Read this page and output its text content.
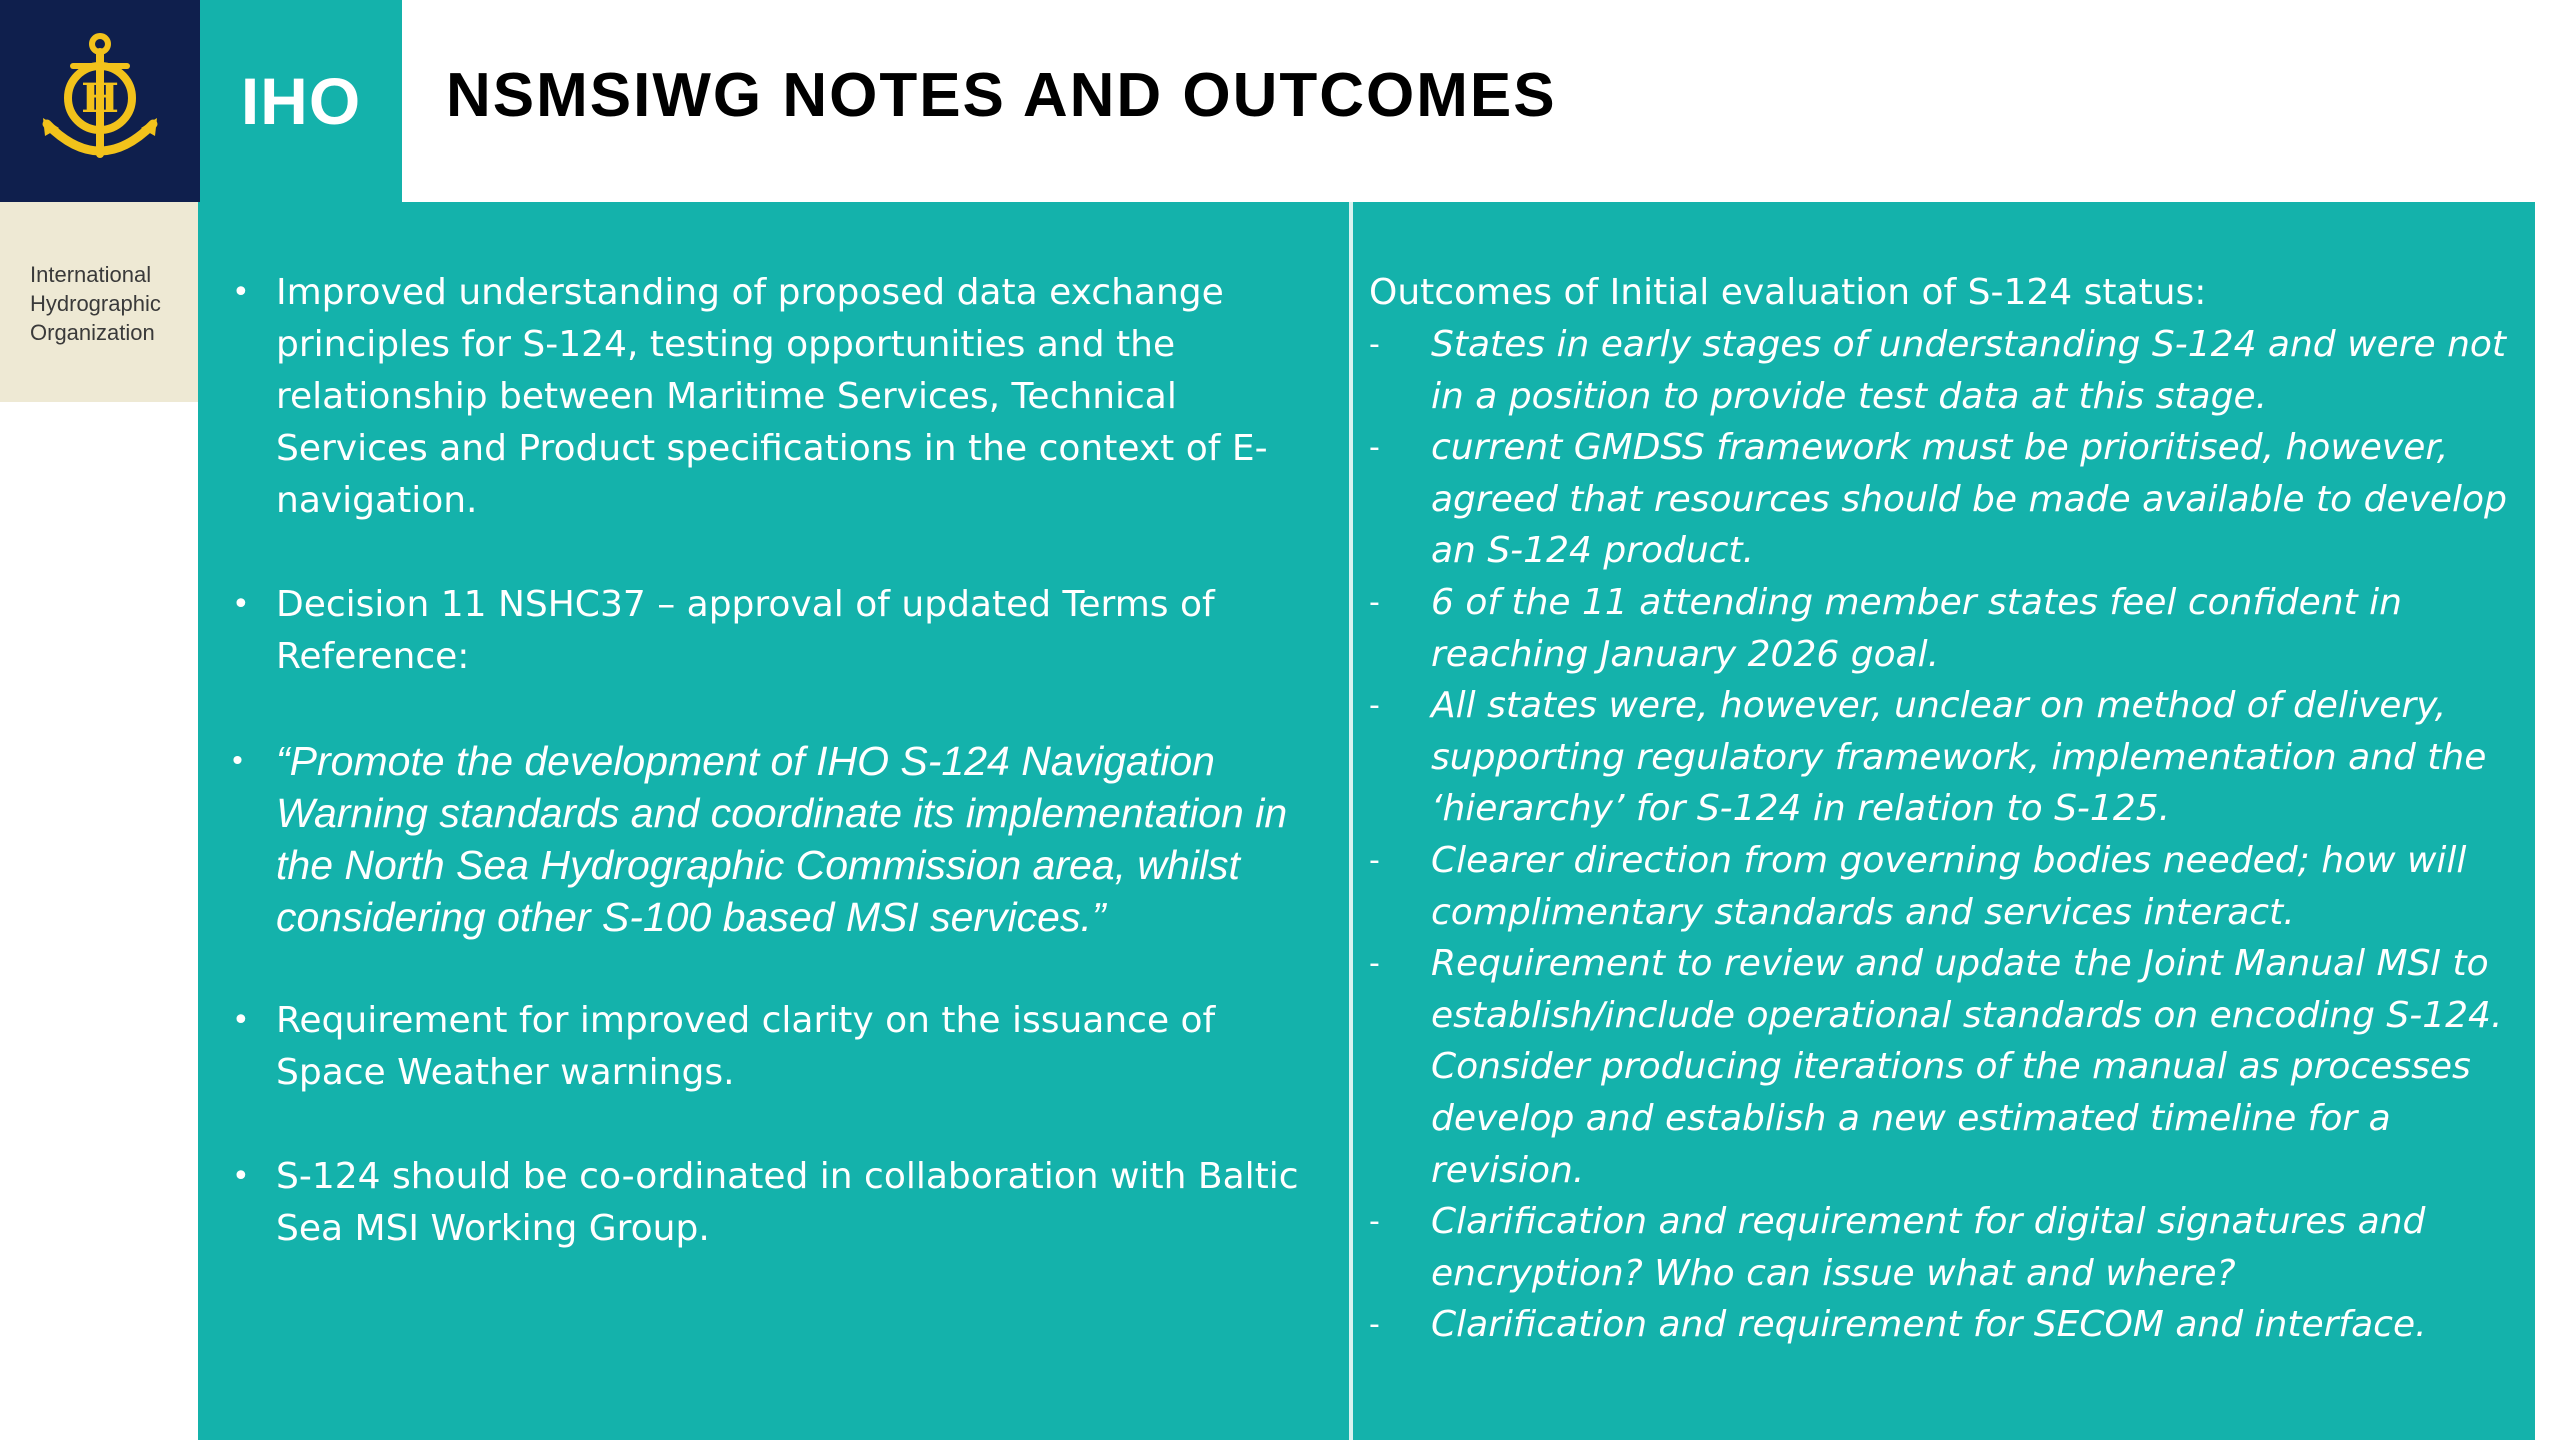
H IHO
International
Hydrographic
Organization
NSMSIWG NOTES AND OUTCOMES
• Improved understanding of proposed data exchange principles for S-124, testing opportunities and the relationship between Maritime Services, Technical Services and Product specifications in the context of E-navigation.
• Decision 11 NSHC37 – approval of updated Terms of Reference:
• “Promote the development of IHO S-124 Navigation Warning standards and coordinate its implementation in the North Sea Hydrographic Commission area, whilst considering other S-100 based MSI services.”
• Requirement for improved clarity on the issuance of Space Weather warnings.
• S-124 should be co-ordinated in collaboration with Baltic Sea MSI Working Group.
Outcomes of Initial evaluation of S-124 status:
- States in early stages of understanding S-124 and were not in a position to provide test data at this stage.
- current GMDSS framework must be prioritised, however, agreed that resources should be made available to develop an S-124 product.
- 6 of the 11 attending member states feel confident in reaching January 2026 goal.
- All states were, however, unclear on method of delivery, supporting regulatory framework, implementation and the ‘hierarchy’ for S-124 in relation to S-125.
- Clearer direction from governing bodies needed; how will complimentary standards and services interact.
- Requirement to review and update the Joint Manual MSI to establish/include operational standards on encoding S-124. Consider producing iterations of the manual as processes develop and establish a new estimated timeline for a revision.
- Clarification and requirement for digital signatures and encryption? Who can issue what and where?
- Clarification and requirement for SECOM and interface.
